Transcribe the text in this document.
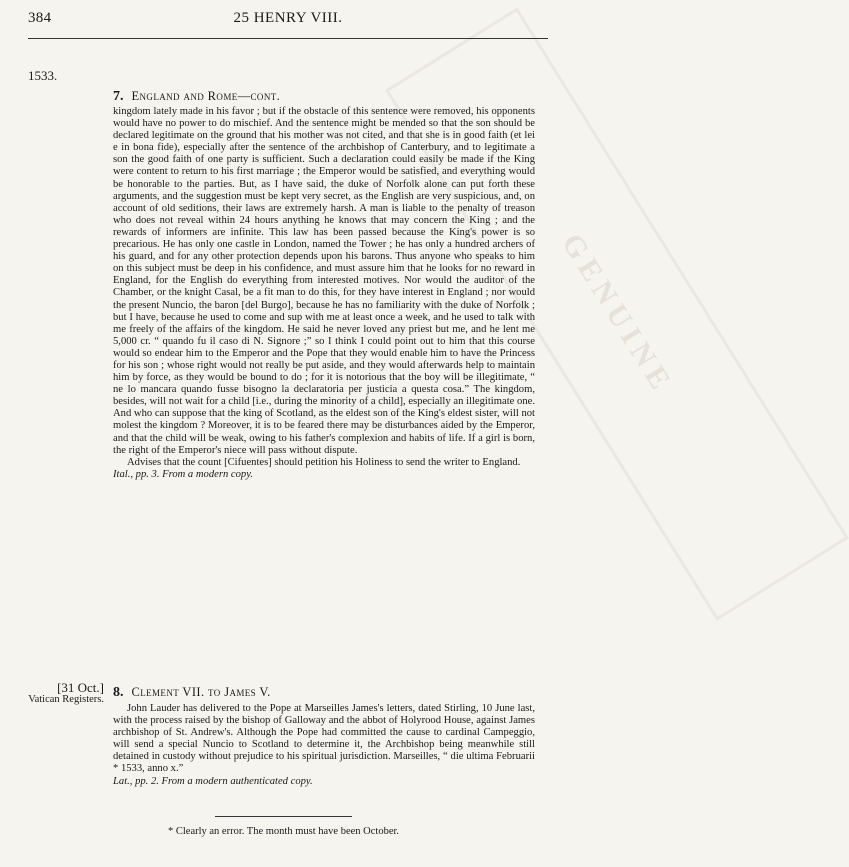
GENUINE
384	25 HENRY VIII.
1533.
7. England and Rome—cont.

kingdom lately made in his favor ; but if the obstacle of this sentence were removed, his opponents would have no power to do mischief. And the sentence might be mended so that the son should be declared legitimate on the ground that his mother was not cited, and that she is in good faith (et lei e in bona fide), especially after the sentence of the archbishop of Canterbury, and to legitimate a son the good faith of one party is sufficient. Such a declaration could easily be made if the King were content to return to his first marriage ; the Emperor would be satisfied, and everything would be honorable to the parties. But, as I have said, the duke of Norfolk alone can put forth these arguments, and the suggestion must be kept very secret, as the English are very suspicious, and, on account of old seditions, their laws are extremely harsh. A man is liable to the penalty of treason who does not reveal within 24 hours anything he knows that may concern the King ; and the rewards of informers are infinite. This law has been passed because the King's power is so precarious. He has only one castle in London, named the Tower ; he has only a hundred archers of his guard, and for any other protection depends upon his barons. Thus anyone who speaks to him on this subject must be deep in his confidence, and must assure him that he looks for no reward in England, for the English do everything from interested motives. Nor would the auditor of the Chamber, or the knight Casal, be a fit man to do this, for they have interest in England ; nor would the present Nuncio, the baron [del Burgo], because he has no familiarity with the duke of Norfolk ; but I have, because he used to come and sup with me at least once a week, and he used to talk with me freely of the affairs of the kingdom. He said he never loved any priest but me, and he lent me 5,000 cr. “ quando fu il caso di N. Signore ;” so I think I could point out to him that this course would so endear him to the Emperor and the Pope that they would enable him to have the Princess for his son ; whose right would not really be put aside, and they would afterwards help to maintain him by force, as they would be bound to do ; for it is notorious that the boy will be illegitimate, “ ne lo mancara quando fusse bisogno la declaratoria per justicia a questa cosa.” The kingdom, besides, will not wait for a child [i.e., during the minority of a child], especially an illegitimate one. And who can suppose that the king of Scotland, as the eldest son of the King's eldest sister, will not molest the kingdom ? Moreover, it is to be feared there may be disturbances aided by the Emperor, and that the child will be weak, owing to his father's complexion and habits of life. If a girl is born, the right of the Emperor's niece will pass without dispute.

Advises that the count [Cifuentes] should petition his Holiness to send the writer to England.

Ital., pp. 3. From a modern copy.

[31 Oct.]
Vatican Registers. 8. Clement VII. to James V.

John Lauder has delivered to the Pope at Marseilles James's letters, dated Stirling, 10 June last, with the process raised by the bishop of Galloway and the abbot of Holyrood House, against James archbishop of St. Andrew's. Although the Pope had committed the cause to cardinal Campeggio, will send a special Nuncio to Scotland to determine it, the Archbishop being meanwhile still detained in custody without prejudice to his spiritual jurisdiction. Marseilles, “ die ultima Februarii * 1533, anno x.”

Lat., pp. 2. From a modern authenticated copy.

* Clearly an error. The month must have been October.
